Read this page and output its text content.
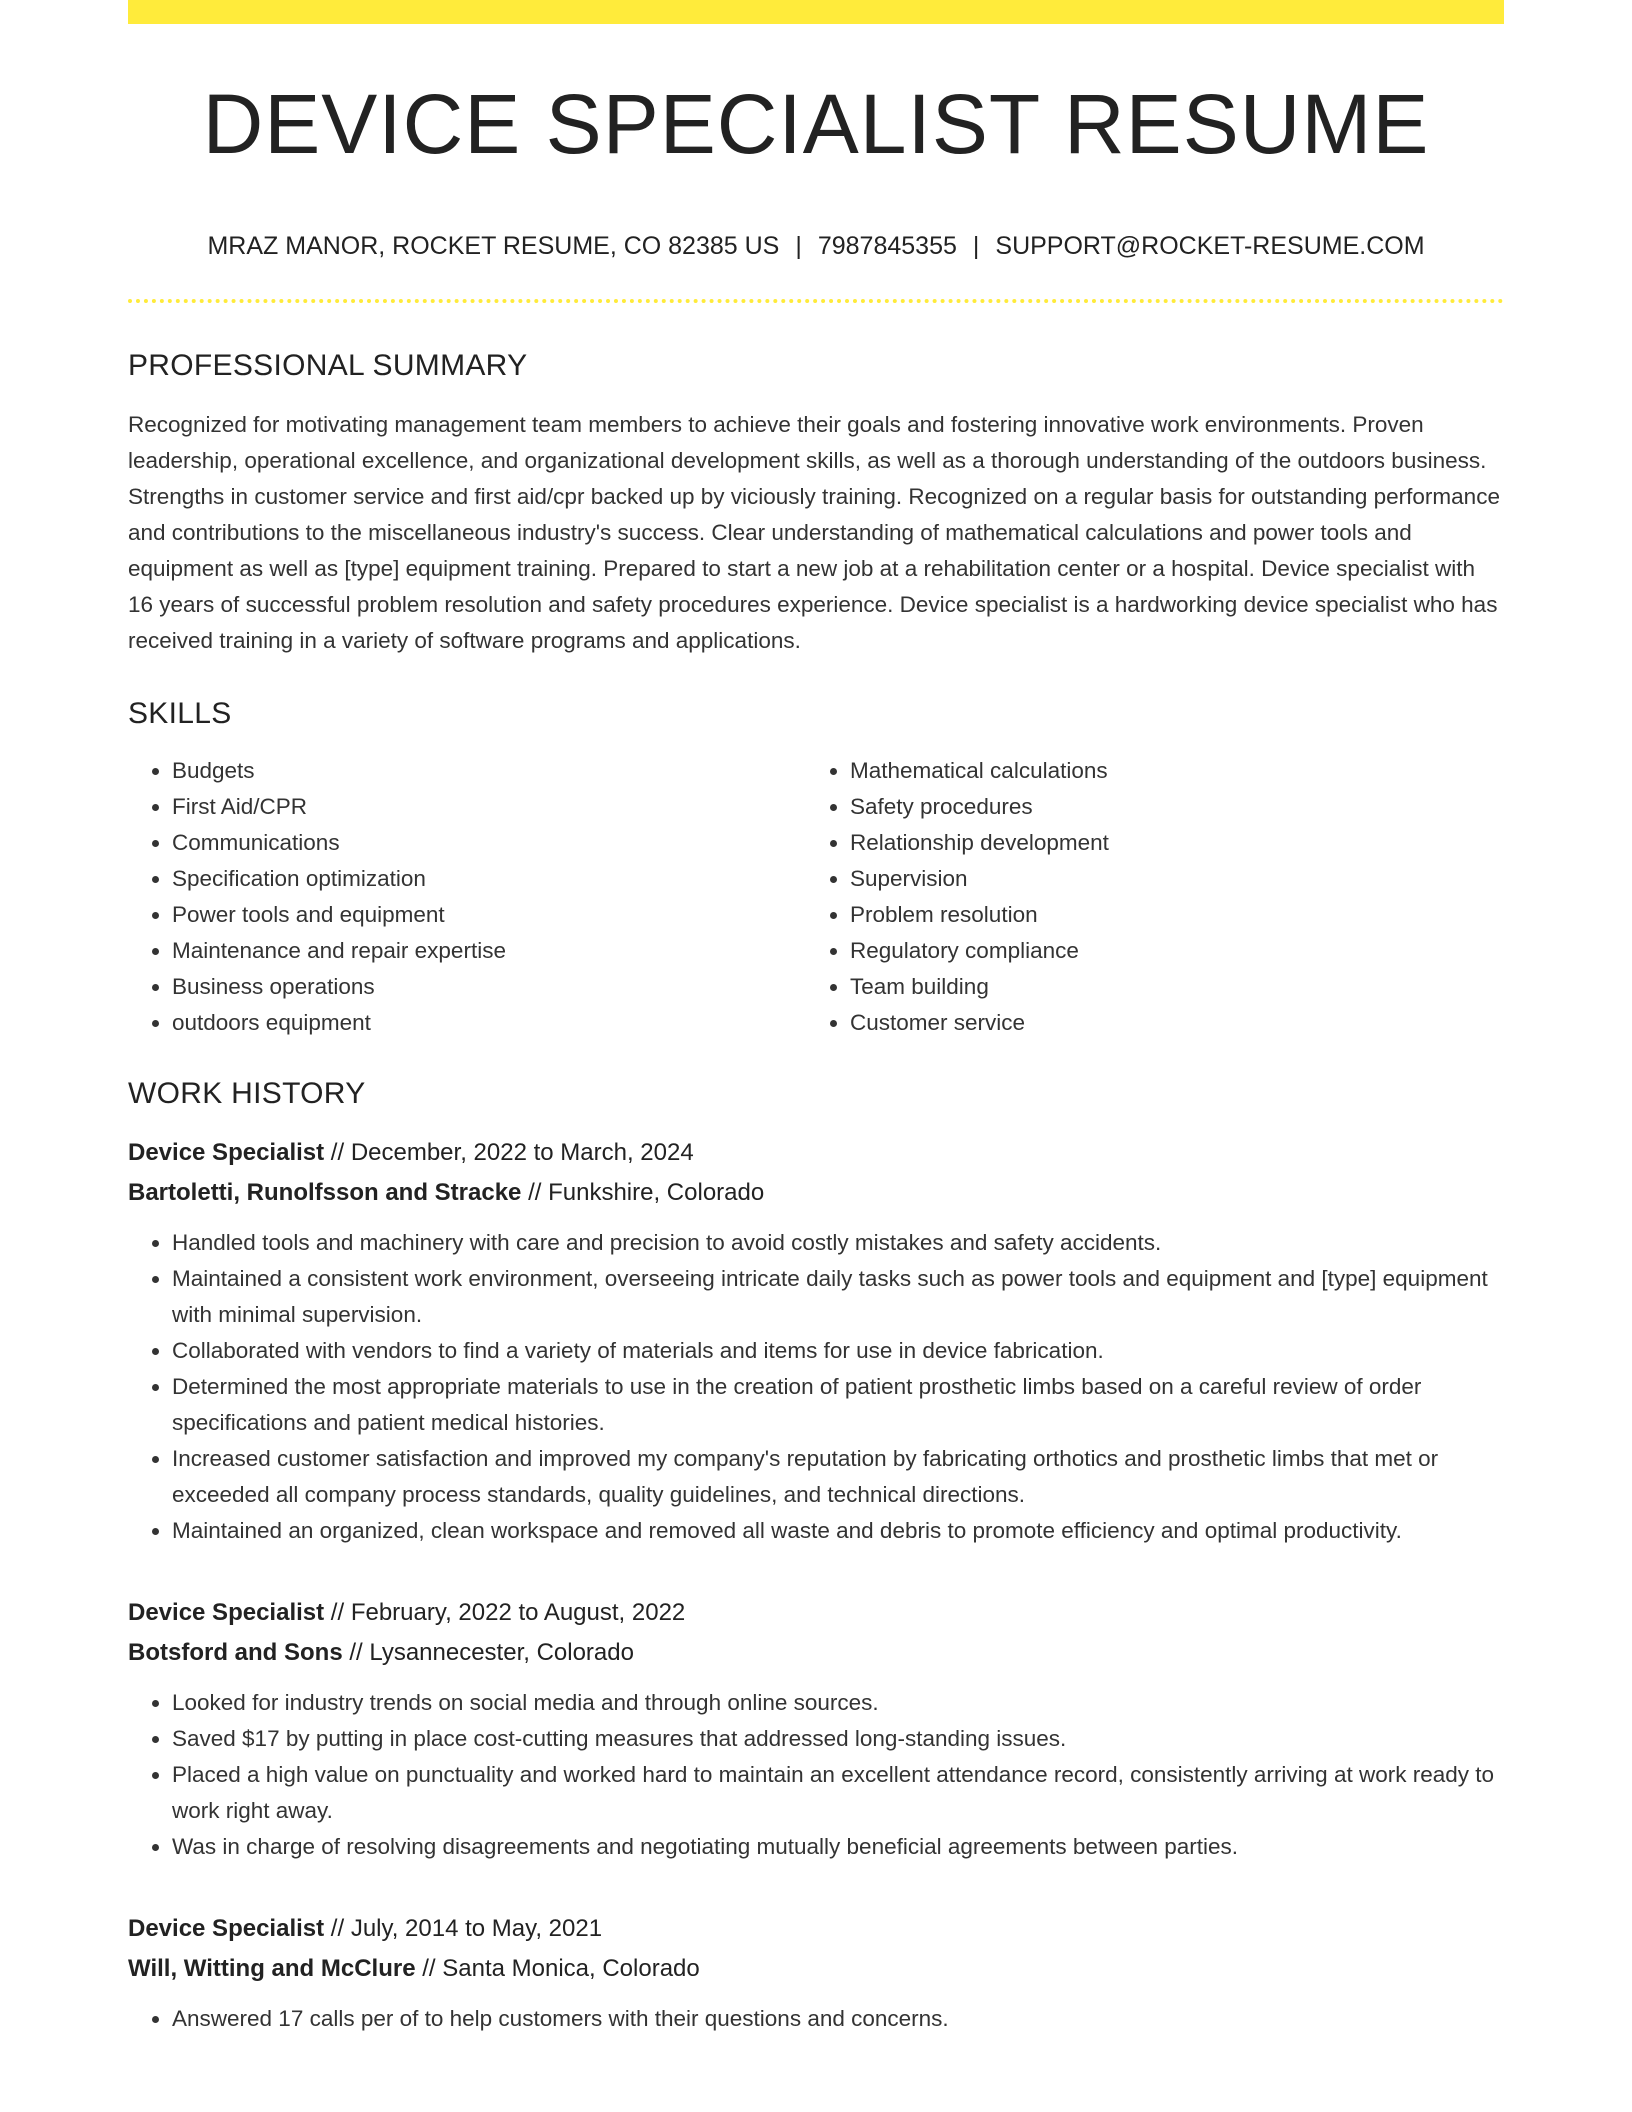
DEVICE SPECIALIST RESUME
MRAZ MANOR, ROCKET RESUME, CO 82385 US | 7987845355 | SUPPORT@ROCKET-RESUME.COM
PROFESSIONAL SUMMARY

Recognized for motivating management team members to achieve their goals and fostering innovative work environments. Proven leadership, operational excellence, and organizational development skills, as well as a thorough understanding of the outdoors business. Strengths in customer service and first aid/cpr backed up by viciously training. Recognized on a regular basis for outstanding performance and contributions to the miscellaneous industry's success. Clear understanding of mathematical calculations and power tools and equipment as well as [type] equipment training. Prepared to start a new job at a rehabilitation center or a hospital. Device specialist with 16 years of successful problem resolution and safety procedures experience. Device specialist is a hardworking device specialist who has received training in a variety of software programs and applications.

SKILLS
• Budgets
• First Aid/CPR
• Communications
• Specification optimization
• Power tools and equipment
• Maintenance and repair expertise
• Business operations
• outdoors equipment
• Mathematical calculations
• Safety procedures
• Relationship development
• Supervision
• Problem resolution
• Regulatory compliance
• Team building
• Customer service
WORK HISTORY
Device Specialist // December, 2022 to March, 2024
Bartoletti, Runolfsson and Stracke // Funkshire, Colorado
• Handled tools and machinery with care and precision to avoid costly mistakes and safety accidents.
• Maintained a consistent work environment, overseeing intricate daily tasks such as power tools and equipment and [type] equipment with minimal supervision.
• Collaborated with vendors to find a variety of materials and items for use in device fabrication.
• Determined the most appropriate materials to use in the creation of patient prosthetic limbs based on a careful review of order specifications and patient medical histories.
• Increased customer satisfaction and improved my company's reputation by fabricating orthotics and prosthetic limbs that met or exceeded all company process standards, quality guidelines, and technical directions.
• Maintained an organized, clean workspace and removed all waste and debris to promote efficiency and optimal productivity.
Device Specialist // February, 2022 to August, 2022
Botsford and Sons // Lysannecester, Colorado
• Looked for industry trends on social media and through online sources.
• Saved $17 by putting in place cost-cutting measures that addressed long-standing issues.
• Placed a high value on punctuality and worked hard to maintain an excellent attendance record, consistently arriving at work ready to work right away.
• Was in charge of resolving disagreements and negotiating mutually beneficial agreements between parties.
Device Specialist // July, 2014 to May, 2021
Will, Witting and McClure // Santa Monica, Colorado
• Answered 17 calls per of to help customers with their questions and concerns.
